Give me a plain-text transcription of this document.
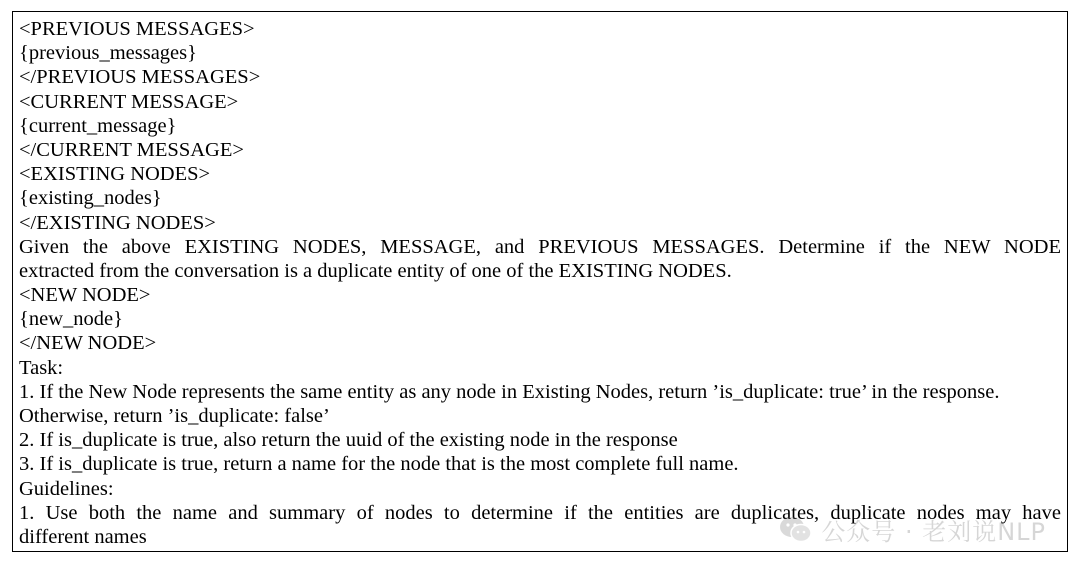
<PREVIOUS MESSAGES>
{previous_messages}
</PREVIOUS MESSAGES>
<CURRENT MESSAGE>
{current_message}
</CURRENT MESSAGE>
<EXISTING NODES>
{existing_nodes}
</EXISTING NODES>
Given the above EXISTING NODES, MESSAGE, and PREVIOUS MESSAGES. Determine if the NEW NODE
extracted from the conversation is a duplicate entity of one of the EXISTING NODES.
<NEW NODE>
{new_node}
</NEW NODE>
Task:
1. If the New Node represents the same entity as any node in Existing Nodes, return ’is_duplicate: true’ in the response.
Otherwise, return ’is_duplicate: false’
2. If is_duplicate is true, also return the uuid of the existing node in the response
3. If is_duplicate is true, return a name for the node that is the most complete full name.
Guidelines:
1. Use both the name and summary of nodes to determine if the entities are duplicates, duplicate nodes may have
different names	公众号 · 老刘说NLP
